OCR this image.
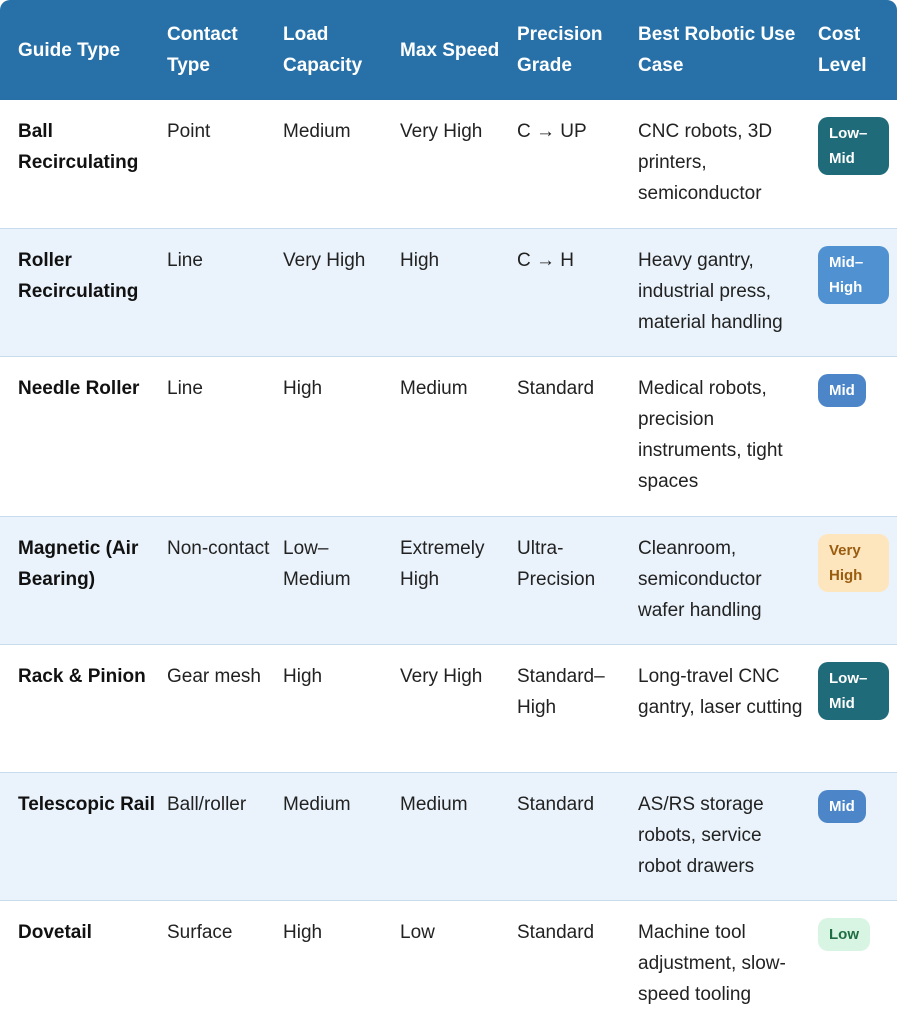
Guide Type	Contact Type	Load Capacity	Max Speed	Precision Grade	Best Robotic Use Case	Cost Level
Ball Recirculating	Point	Medium	Very High	C → UP	CNC robots, 3D printers, semiconductor	Low–Mid
Roller Recirculating	Line	Very High	High	C → H	Heavy gantry, industrial press, material handling	Mid–High
Needle Roller	Line	High	Medium	Standard	Medical robots, precision instruments, tight spaces	Mid
Magnetic (Air Bearing)	Non-contact	Low–Medium	Extremely High	Ultra-Precision	Cleanroom, semiconductor wafer handling	Very High
Rack & Pinion	Gear mesh	High	Very High	Standard–High	Long-travel CNC gantry, laser cutting	Low–Mid
Telescopic Rail	Ball/roller	Medium	Medium	Standard	AS/RS storage robots, service robot drawers	Mid
Dovetail	Surface	High	Low	Standard	Machine tool adjustment, slow-speed tooling	Low
